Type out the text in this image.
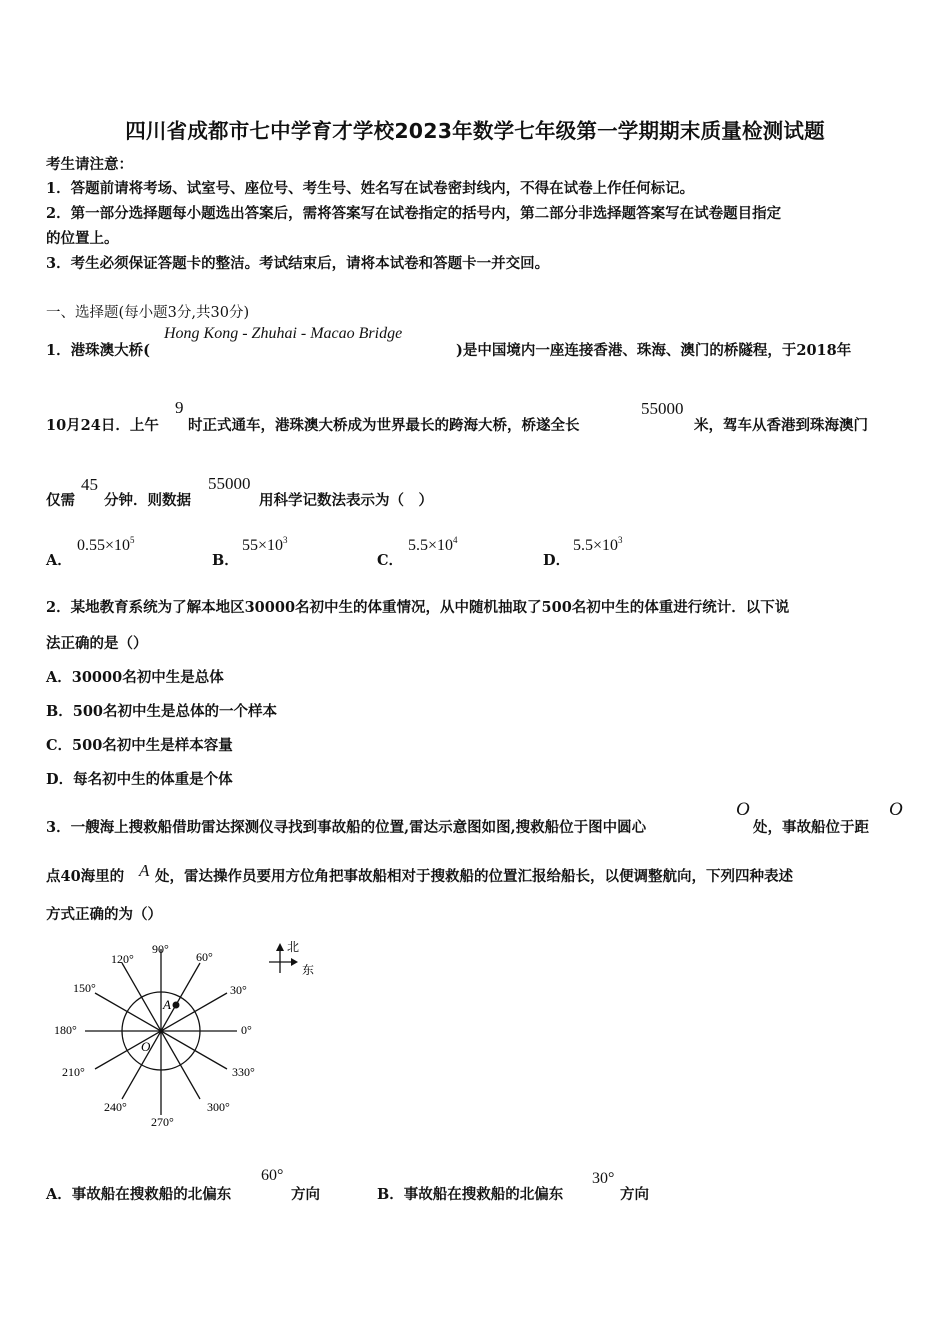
四川省成都市七中学育才学校2023年数学七年级第一学期期末质量检测试题
考生请注意：
1．答题前请将考场、试室号、座位号、考生号、姓名写在试卷密封线内，不得在试卷上作任何标记。
2．第一部分选择题每小题选出答案后，需将答案写在试卷指定的括号内，第二部分非选择题答案写在试卷题目指定
的位置上。
3．考生必须保证答题卡的整洁。考试结束后，请将本试卷和答题卡一并交回。
一、选择题(每小题3分,共30分)
1．港珠澳大桥(
Hong Kong - Zhuhai - Macao Bridge
)是中国境内一座连接香港、珠海、澳门的桥隧程，于2018年
10月24日．上午
9
时正式通车，港珠澳大桥成为世界最长的跨海大桥，桥遂全长
55000
米，驾车从香港到珠海澳门
仅需
45
分钟．则数据
55000
用科学记数法表示为（　）
A．
$0.55\times 10^5$
B．
$55\times 10^3$
C．
$5.5\times 10^4$
D．
$5.5\times 10^3$
2．某地教育系统为了解本地区30000名初中生的体重情况，从中随机抽取了500名初中生的体重进行统计．以下说
法正确的是（）
A．30000名初中生是总体
B．500名初中生是总体的一个样本
C．500名初中生是样本容量
D．每名初中生的体重是个体
3．一艘海上搜救船借助雷达探测仪寻找到事故船的位置,雷达示意图如图,搜救船位于图中圆心
O
处，事故船位于距
O
点40海里的 A 处，雷达操作员要用方位角把事故船相对于搜救船的位置汇报给船长，以便调整航向，下列四种表述
方式正确的为（）
90°
60°
30°
0°
330°
300°
270°
240°
210°
180°
150°
120°
A
O
北
东
A．事故船在搜救船的北偏东
60°
方向	B．事故船在搜救船的北偏东
30°
方向
